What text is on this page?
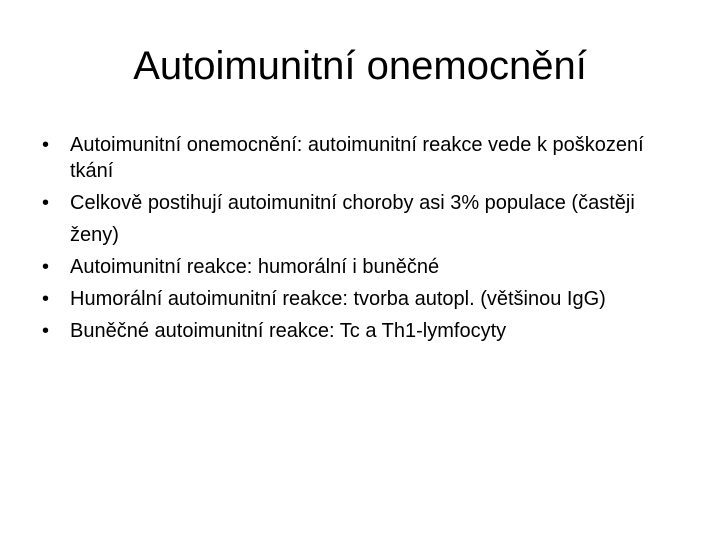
Autoimunitní onemocnění
•	Autoimunitní onemocnění: autoimunitní reakce vede k poškození tkání
•	Celkově postihují autoimunitní choroby asi 3% populace (častěji ženy)
•	Autoimunitní reakce: humorální i buněčné
•	Humorální autoimunitní reakce: tvorba autopl. (většinou IgG)
•	Buněčné autoimunitní reakce: Tc a Th1-lymfocyty
